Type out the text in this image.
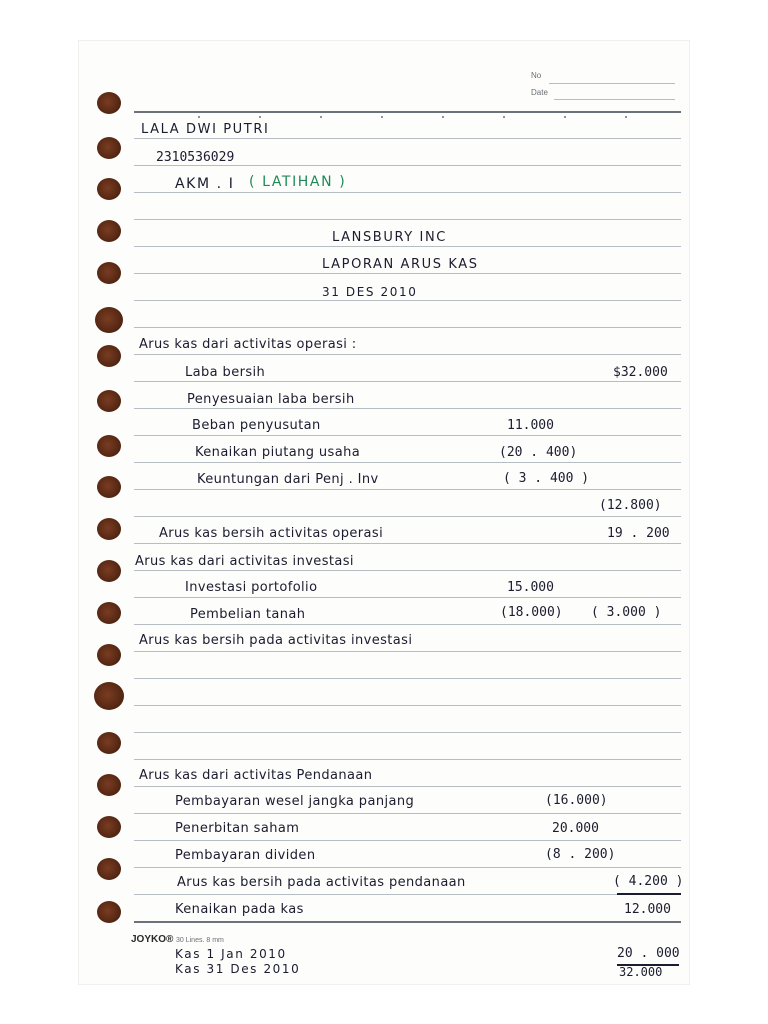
No
Date
LALA DWI PUTRI
2310536029
AKM . I ( LATIHAN )
LANSBURY INC
LAPORAN ARUS KAS
31 DES 2010
Arus kas dari activitas operasi :
Laba bersih	$32.000
Penyesuaian laba bersih
Beban penyusutan	11.000
Kenaikan piutang usaha	(20 . 400)
Keuntungan dari Penj . Inv	( 3 . 400 )
(12.800)
Arus kas bersih activitas operasi	19 . 200
Arus kas dari activitas investasi
Investasi portofolio	15.000
Pembelian tanah	(18.000) ( 3.000 )
Arus kas bersih pada activitas investasi
Arus kas dari activitas Pendanaan
Pembayaran wesel jangka panjang	(16.000)
Penerbitan saham	20.000
Pembayaran dividen	(8 . 200)
Arus kas bersih pada activitas pendanaan	( 4.200 )
Kenaikan pada kas	12.000
JOYKO® 30 Lines. 8 mm
Kas 1 Jan 2010	20 . 000
Kas 31 Des 2010	32.000
